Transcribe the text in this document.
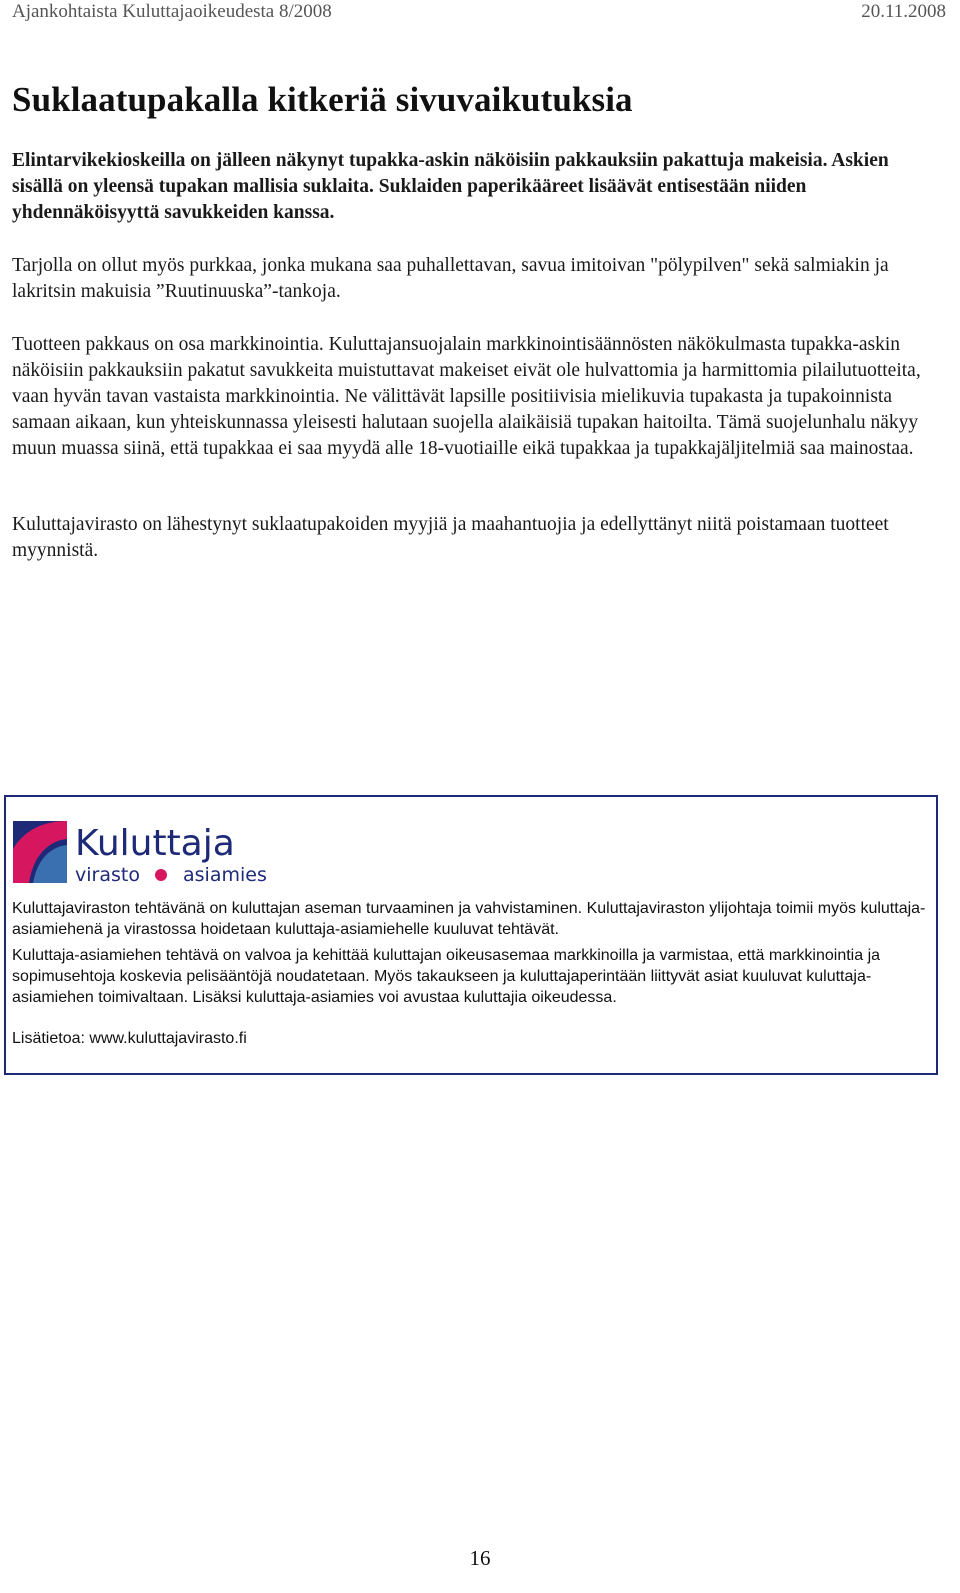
Ajankohtaista Kuluttajaoikeudesta 8/2008	20.11.2008
Suklaatupakalla kitkeriä sivuvaikutuksia

Elintarvikekioskeilla on jälleen näkynyt tupakka-askin näköisiin pakkauksiin pakattuja makeisia. Askien sisällä on yleensä tupakan mallisia suklaita. Suklaiden paperikääreet lisäävät entisestään niiden yhdennäköisyyttä savukkeiden kanssa.

Tarjolla on ollut myös purkkaa, jonka mukana saa puhallettavan, savua imitoivan "pölypilven" sekä salmiakin ja lakritsin makuisia ”Ruutinuuska”-tankoja.

Tuotteen pakkaus on osa markkinointia. Kuluttajansuojalain markkinointisäännösten näkökulmasta tupakka-askin näköisiin pakkauksiin pakatut savukkeita muistuttavat makeiset eivät ole hulvattomia ja harmittomia pilailutuotteita, vaan hyvän tavan vastaista markkinointia. Ne välittävät lapsille positiivisia mielikuvia tupakasta ja tupakoinnista samaan aikaan, kun yhteiskunnassa yleisesti halutaan suojella alaikäisiä tupakan haitoilta. Tämä suojelunhalu näkyy muun muassa siinä, että tupakkaa ei saa myydä alle 18-vuotiaille eikä tupakkaa ja tupakkajäljitelmiä saa mainostaa.

Kuluttajavirasto on lähestynyt suklaatupakoiden myyjiä ja maahantuojia ja edellyttänyt niitä poistamaan tuotteet myynnistä.

Kuluttaja
virasto asiamies

Kuluttajaviraston tehtävänä on kuluttajan aseman turvaaminen ja vahvistaminen. Kuluttajaviraston ylijohtaja toimii myös kuluttaja-asiamiehenä ja virastossa hoidetaan kuluttaja-asiamiehelle kuuluvat tehtävät.

Kuluttaja-asiamiehen tehtävä on valvoa ja kehittää kuluttajan oikeusasemaa markkinoilla ja varmistaa, että markkinointia ja sopimusehtoja koskevia pelisääntöjä noudatetaan. Myös takaukseen ja kuluttajaperintään liittyvät asiat kuuluvat kuluttaja-asiamiehen toimivaltaan. Lisäksi kuluttaja-asiamies voi avustaa kuluttajia oikeudessa.

Lisätietoa: www.kuluttajavirasto.fi

16
